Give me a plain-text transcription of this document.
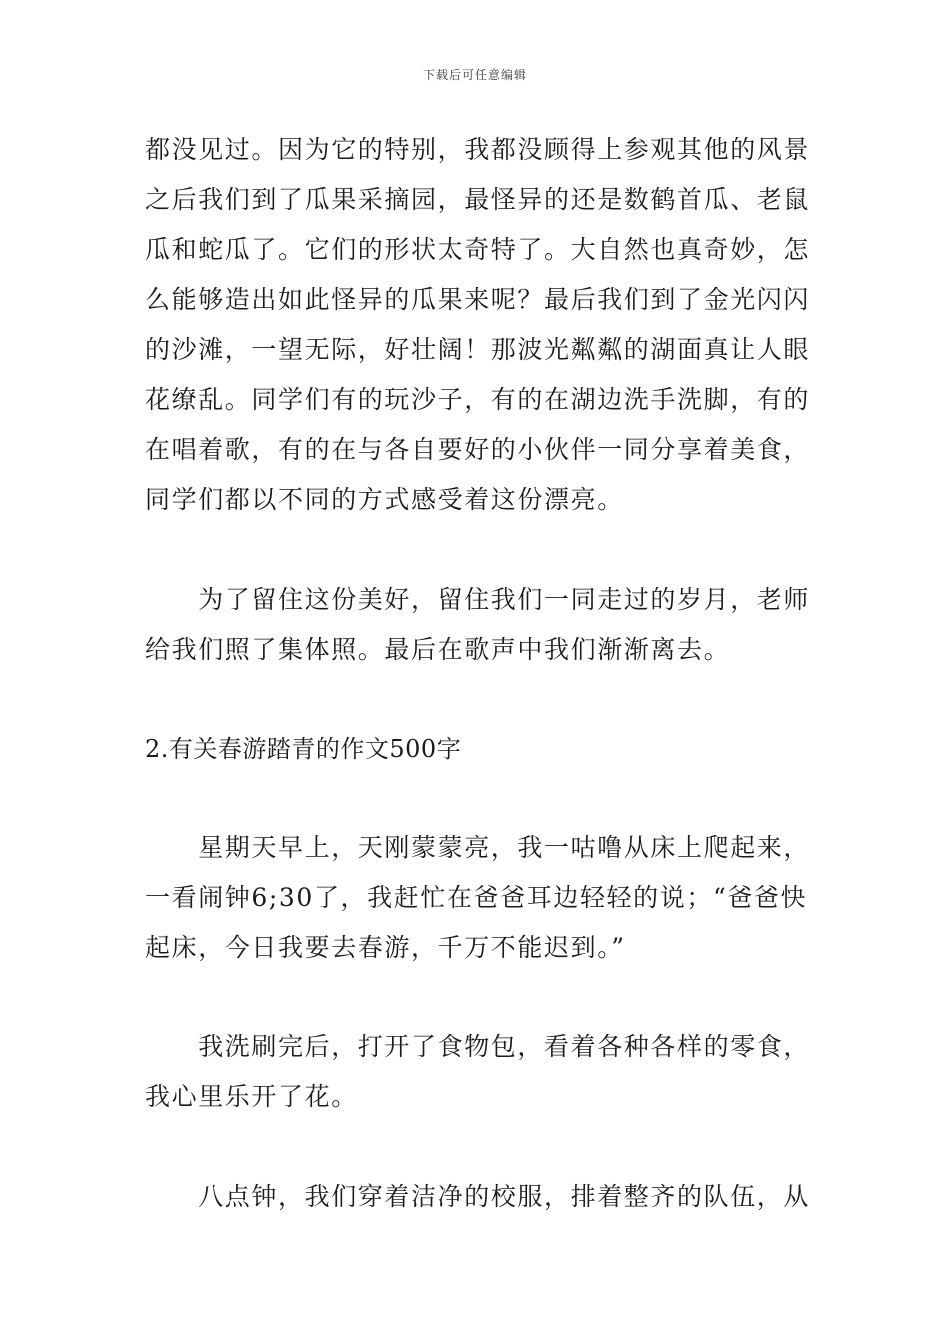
下载后可任意编辑
都没见过。因为它的特别，我都没顾得上参观其他的风景
之后我们到了瓜果采摘园，最怪异的还是数鹤首瓜、老鼠
瓜和蛇瓜了。它们的形状太奇特了。大自然也真奇妙，怎
么能够造出如此怪异的瓜果来呢？最后我们到了金光闪闪
的沙滩，一望无际，好壮阔！那波光粼粼的湖面真让人眼
花缭乱。同学们有的玩沙子，有的在湖边洗手洗脚，有的
在唱着歌，有的在与各自要好的小伙伴一同分享着美食，
同学们都以不同的方式感受着这份漂亮。
　　为了留住这份美好，留住我们一同走过的岁月，老师
给我们照了集体照。最后在歌声中我们渐渐离去。
2.有关春游踏青的作文500字
　　星期天早上，天刚蒙蒙亮，我一咕噜从床上爬起来，
一看闹钟6;30了，我赶忙在爸爸耳边轻轻的说；“爸爸快
起床，今日我要去春游，千万不能迟到。”
　　我洗刷完后，打开了食物包，看着各种各样的零食，
我心里乐开了花。
　　八点钟，我们穿着洁净的校服，排着整齐的队伍，从
